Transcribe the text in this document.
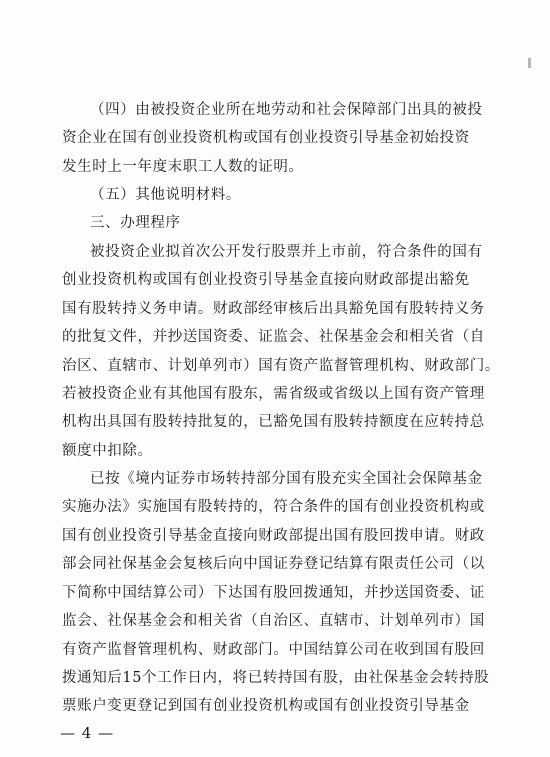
（四）由被投资企业所在地劳动和社会保障部门出具的被投
资企业在国有创业投资机构或国有创业投资引导基金初始投资
发生时上一年度末职工人数的证明。
（五）其他说明材料。
三、办理程序
被投资企业拟首次公开发行股票并上市前，符合条件的国有
创业投资机构或国有创业投资引导基金直接向财政部提出豁免
国有股转持义务申请。财政部经审核后出具豁免国有股转持义务
的批复文件，并抄送国资委、证监会、社保基金会和相关省（自
治区、直辖市、计划单列市）国有资产监督管理机构、财政部门。
若被投资企业有其他国有股东，需省级或省级以上国有资产管理
机构出具国有股转持批复的，已豁免国有股转持额度在应转持总
额度中扣除。
已按《境内证券市场转持部分国有股充实全国社会保障基金
实施办法》实施国有股转持的，符合条件的国有创业投资机构或
国有创业投资引导基金直接向财政部提出国有股回拨申请。财政
部会同社保基金会复核后向中国证券登记结算有限责任公司（以
下简称中国结算公司）下达国有股回拨通知，并抄送国资委、证
监会、社保基金会和相关省（自治区、直辖市、计划单列市）国
有资产监督管理机构、财政部门。中国结算公司在收到国有股回
拨通知后15个工作日内，将已转持国有股，由社保基金会转持股
票账户变更登记到国有创业投资机构或国有创业投资引导基金
— 4 —
